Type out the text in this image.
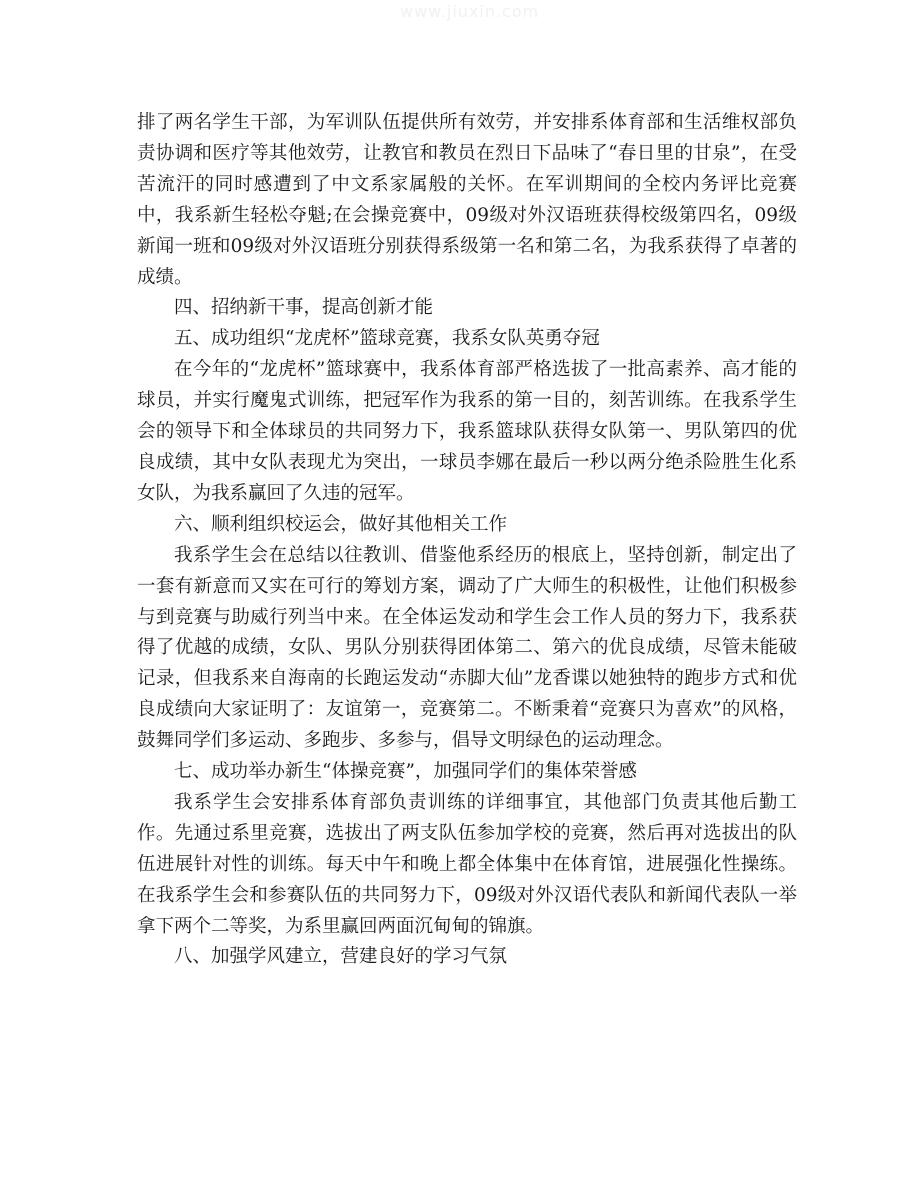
www.jiuxin.com

排了两名学生干部，为军训队伍提供所有效劳，并安排系体育部和生活维权部负责协调和医疗等其他效劳，让教官和教员在烈日下品味了“春日里的甘泉”，在受苦流汗的同时感遭到了中文系家属般的关怀。在军训期间的全校内务评比竞赛中，我系新生轻松夺魁;在会操竞赛中，09级对外汉语班获得校级第四名，09级新闻一班和09级对外汉语班分别获得系级第一名和第二名，为我系获得了卓著的成绩。

四、招纳新干事，提高创新才能

五、成功组织“龙虎杯”篮球竞赛，我系女队英勇夺冠

在今年的“龙虎杯”篮球赛中，我系体育部严格选拔了一批高素养、高才能的球员，并实行魔鬼式训练，把冠军作为我系的第一目的，刻苦训练。在我系学生会的领导下和全体球员的共同努力下，我系篮球队获得女队第一、男队第四的优良成绩，其中女队表现尤为突出，一球员李娜在最后一秒以两分绝杀险胜生化系女队，为我系赢回了久违的冠军。

六、顺利组织校运会，做好其他相关工作

我系学生会在总结以往教训、借鉴他系经历的根底上，坚持创新，制定出了一套有新意而又实在可行的筹划方案，调动了广大师生的积极性，让他们积极参与到竞赛与助威行列当中来。在全体运发动和学生会工作人员的努力下，我系获得了优越的成绩，女队、男队分别获得团体第二、第六的优良成绩，尽管未能破记录，但我系来自海南的长跑运发动“赤脚大仙”龙香谍以她独特的跑步方式和优良成绩向大家证明了：友谊第一，竞赛第二。不断秉着“竞赛只为喜欢”的风格，鼓舞同学们多运动、多跑步、多参与，倡导文明绿色的运动理念。

七、成功举办新生“体操竞赛”，加强同学们的集体荣誉感

我系学生会安排系体育部负责训练的详细事宜，其他部门负责其他后勤工作。先通过系里竞赛，选拔出了两支队伍参加学校的竞赛，然后再对选拔出的队伍进展针对性的训练。每天中午和晚上都全体集中在体育馆，进展强化性操练。在我系学生会和参赛队伍的共同努力下，09级对外汉语代表队和新闻代表队一举拿下两个二等奖，为系里赢回两面沉甸甸的锦旗。

八、加强学风建立，营建良好的学习气氛
